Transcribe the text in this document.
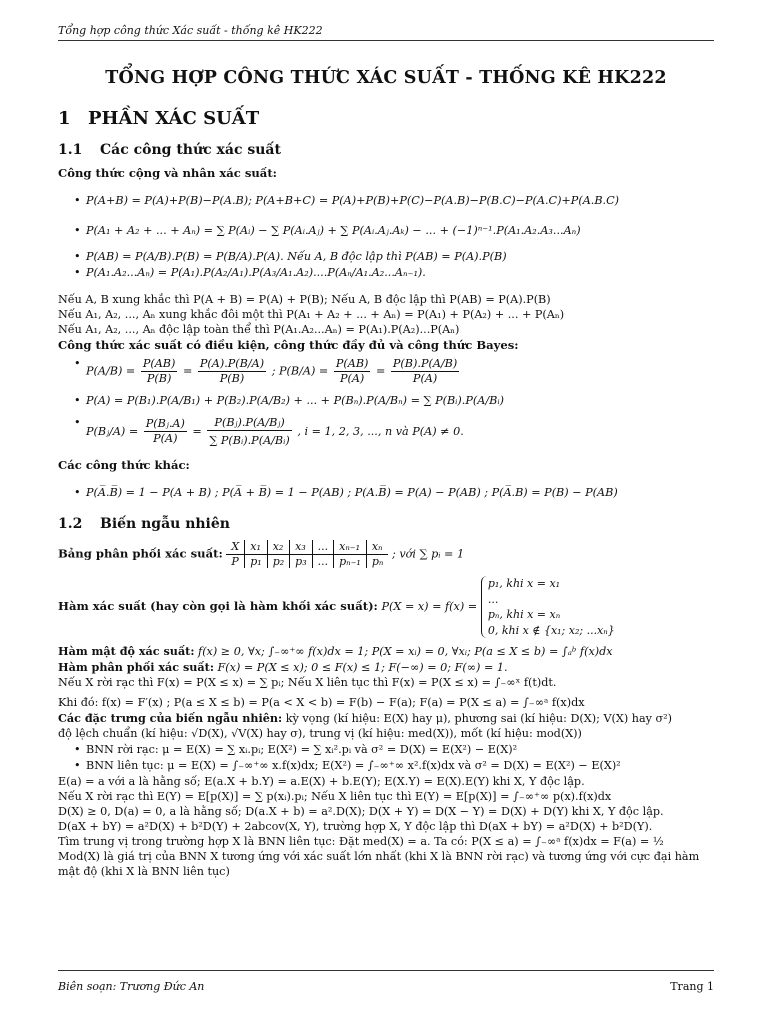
Tổng hợp công thức Xác suất - thống kê HK222
TỔNG HỢP CÔNG THỨC XÁC SUẤT - THỐNG KÊ HK222
1 PHẦN XÁC SUẤT
1.1 Các công thức xác suất
Công thức cộng và nhân xác suất:
• P(A+B) = P(A)+P(B)−P(A.B); P(A+B+C) = P(A)+P(B)+P(C)−P(A.B)−P(B.C)−P(A.C)+P(A.B.C)
• P(A₁ + A₂ + ... + Aₙ) = ∑ P(Aᵢ) − ∑ P(Aᵢ.Aⱼ) + ∑ P(Aᵢ.Aⱼ.Aₖ) − ... + (−1)ⁿ⁻¹.P(A₁.A₂.A₃...Aₙ)
• P(AB) = P(A/B).P(B) = P(B/A).P(A). Nếu A, B độc lập thì P(AB) = P(A).P(B)
• P(A₁.A₂...Aₙ) = P(A₁).P(A₂/A₁).P(A₃/A₁.A₂)....P(Aₙ/A₁.A₂...Aₙ₋₁).
Nếu A, B xung khắc thì P(A + B) = P(A) + P(B); Nếu A, B độc lập thì P(AB) = P(A).P(B)
Nếu A₁, A₂, ..., Aₙ xung khắc đôi một thì P(A₁ + A₂ + ... + Aₙ) = P(A₁) + P(A₂) + ... + P(Aₙ)
Nếu A₁, A₂, ..., Aₙ độc lập toàn thể thì P(A₁.A₂...Aₙ) = P(A₁).P(A₂)...P(Aₙ)
Công thức xác suất có điều kiện, công thức đầy đủ và công thức Bayes:
• $P(A/B) = \frac{P(AB)}{P(B)} = \frac{P(A).P(B/A)}{P(B)}$ ; $P(B/A) = \frac{P(AB)}{P(A)} = \frac{P(B).P(A/B)}{P(A)}$
• P(A) = P(B₁).P(A/B₁) + P(B₂).P(A/B₂) + ... + P(Bₙ).P(A/Bₙ) = ∑ P(Bᵢ).P(A/Bᵢ)
• P(Bⱼ/A) = $\frac{\text{P(Bⱼ.A)}}{P(A)} = \frac{\text{P(Bⱼ).P(A/Bⱼ)}}{\text{∑ P(Bᵢ).P(A/Bᵢ)}}$ , i = 1, 2, 3, ..., n và P(A) ≠ 0.
Các công thức khác:
• P(A̅.B̅) = 1 − P(A + B) ; P(A̅ + B̅) = 1 − P(AB) ; P(A.B̅) = P(A) − P(AB) ; P(A̅.B) = P(B) − P(AB)
1.2 Biến ngẫu nhiên
Bảng phân phối xác suất: X	x₁	x₂	x₃	...	xₙ₋₁	xₙ
P	p₁	p₂	p₃	...	pₙ₋₁	pₙ ; với ∑ pᵢ = 1
Hàm xác suất (hay còn gọi là hàm khối xác suất): P(X = x) = f(x) =
p₁, khi x = x₁
...
pₙ, khi x = xₙ
0, khi x ∉ {x₁; x₂; ...xₙ}
Hàm mật độ xác suất: f(x) ≥ 0, ∀x; ∫₋∞⁺∞ f(x)dx = 1; P(X = xᵢ) = 0, ∀xᵢ; P(a ≤ X ≤ b) = ∫ₐᵇ f(x)dx
Hàm phân phối xác suất: F(x) = P(X ≤ x); 0 ≤ F(x) ≤ 1; F(−∞) = 0; F(∞) = 1.
Nếu X rời rạc thì F(x) = P(X ≤ x) = ∑ pᵢ; Nếu X liên tục thì F(x) = P(X ≤ x) = ∫₋∞ˣ f(t)dt.
Khi đó: f(x) = F′(x) ; P(a ≤ X ≤ b) = P(a < X < b) = F(b) − F(a); F(a) = P(X ≤ a) = ∫₋∞ᵃ f(x)dx
Các đặc trưng của biến ngẫu nhiên: kỳ vọng (kí hiệu: E(X) hay μ), phương sai (kí hiệu: D(X); V(X) hay σ²)
độ lệch chuẩn (kí hiệu: √D(X), √V(X) hay σ), trung vị (kí hiệu: med(X)), mốt (kí hiệu: mod(X))
• BNN rời rạc: μ = E(X) = ∑ xᵢ.pᵢ; E(X²) = ∑ xᵢ².pᵢ và σ² = D(X) = E(X²) − E(X)²
• BNN liên tục: μ = E(X) = ∫₋∞⁺∞ x.f(x)dx; E(X²) = ∫₋∞⁺∞ x².f(x)dx và σ² = D(X) = E(X²) − E(X)²
E(a) = a với a là hằng số; E(a.X + b.Y) = a.E(X) + b.E(Y); E(X.Y) = E(X).E(Y) khi X, Y độc lập.
Nếu X rời rạc thì E(Y) = E[p(X)] = ∑ p(xᵢ).pᵢ; Nếu X liên tục thì E(Y) = E[p(X)] = ∫₋∞⁺∞ p(x).f(x)dx
D(X) ≥ 0, D(a) = 0, a là hằng số; D(a.X + b) = a².D(X); D(X + Y) = D(X − Y) = D(X) + D(Y) khi X, Y độc lập.
D(aX + bY) = a²D(X) + b²D(Y) + 2abcov(X, Y), trường hợp X, Y độc lập thì D(aX + bY) = a²D(X) + b²D(Y).
Tìm trung vị trong trường hợp X là BNN liên tục: Đặt med(X) = a. Ta có: P(X ≤ a) = ∫₋∞ᵃ f(x)dx = F(a) = ½
Mod(X) là giá trị của BNN X tương ứng với xác suất lớn nhất (khi X là BNN rời rạc) và tương ứng với cực đại hàm
mật độ (khi X là BNN liên tục)
Biên soạn: Trương Đức An	Trang 1
